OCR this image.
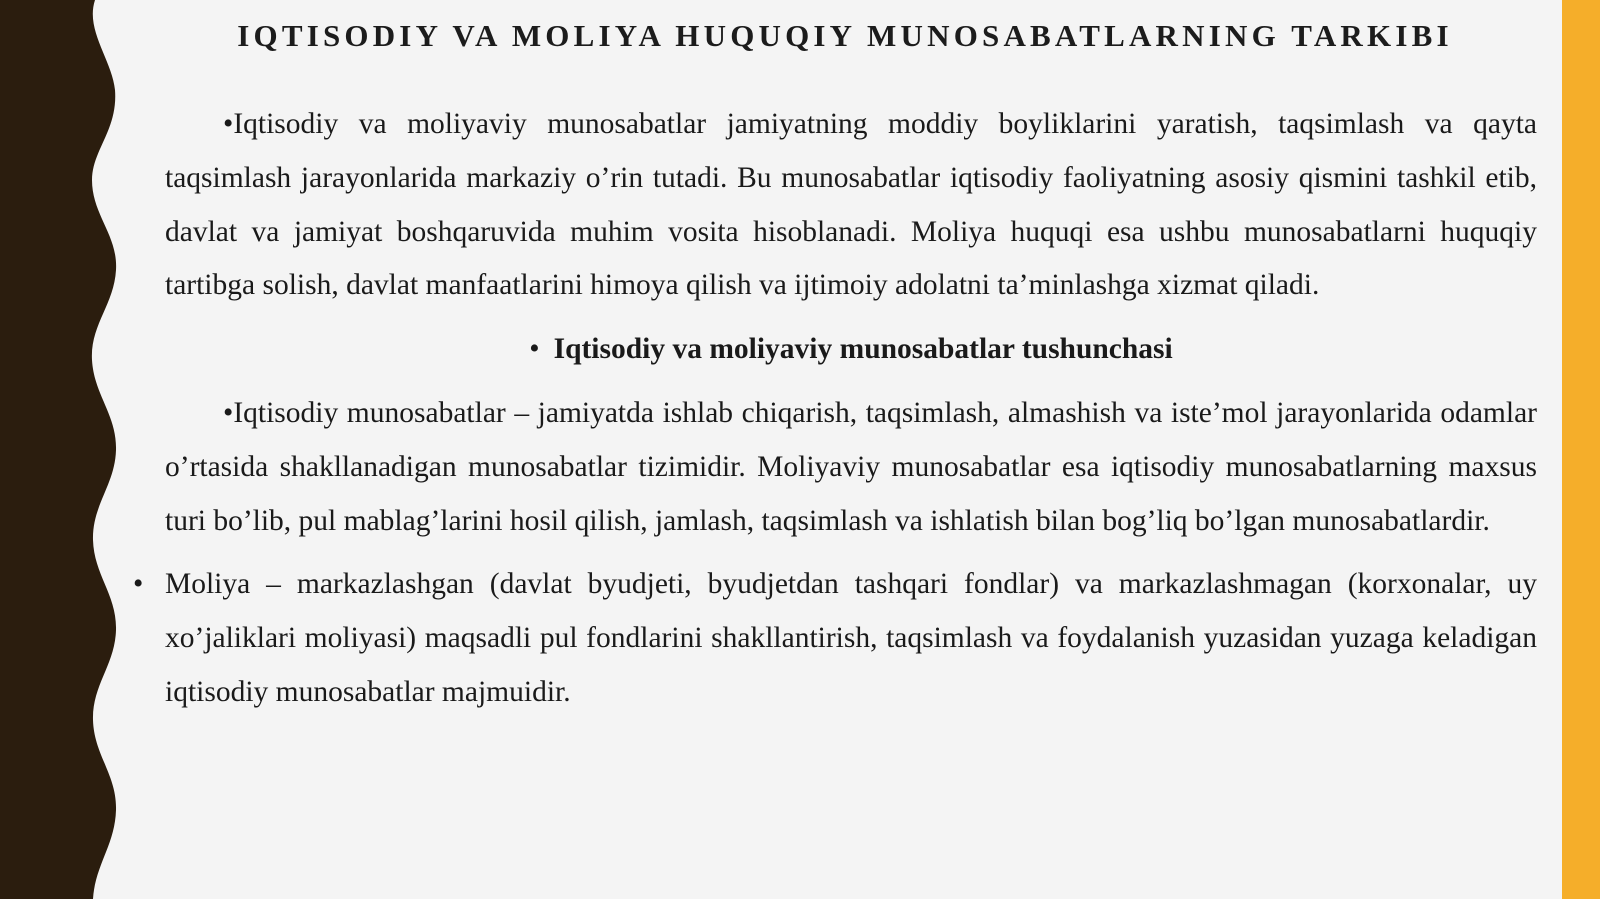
IQTISODIY VA MOLIYA HUQUQIY MUNOSABATLARNING TARKIBI

•Iqtisodiy va moliyaviy munosabatlar jamiyatning moddiy boyliklarini yaratish, taqsimlash va qayta taqsimlash jarayonlarida markaziy o’rin tutadi. Bu munosabatlar iqtisodiy faoliyatning asosiy qismini tashkil etib, davlat va jamiyat boshqaruvida muhim vosita hisoblanadi. Moliya huquqi esa ushbu munosabatlarni huquqiy tartibga solish, davlat manfaatlarini himoya qilish va ijtimoiy adolatni ta’minlashga xizmat qiladi.

• Iqtisodiy va moliyaviy munosabatlar tushunchasi

•Iqtisodiy munosabatlar – jamiyatda ishlab chiqarish, taqsimlash, almashish va iste’mol jarayonlarida odamlar o’rtasida shakllanadigan munosabatlar tizimidir. Moliyaviy munosabatlar esa iqtisodiy munosabatlarning maxsus turi bo’lib, pul mablag’larini hosil qilish, jamlash, taqsimlash va ishlatish bilan bog’liq bo’lgan munosabatlardir.

• Moliya – markazlashgan (davlat byudjeti, byudjetdan tashqari fondlar) va markazlashmagan (korxonalar, uy xo’jaliklari moliyasi) maqsadli pul fondlarini shakllantirish, taqsimlash va foydalanish yuzasidan yuzaga keladigan iqtisodiy munosabatlar majmuidir.
